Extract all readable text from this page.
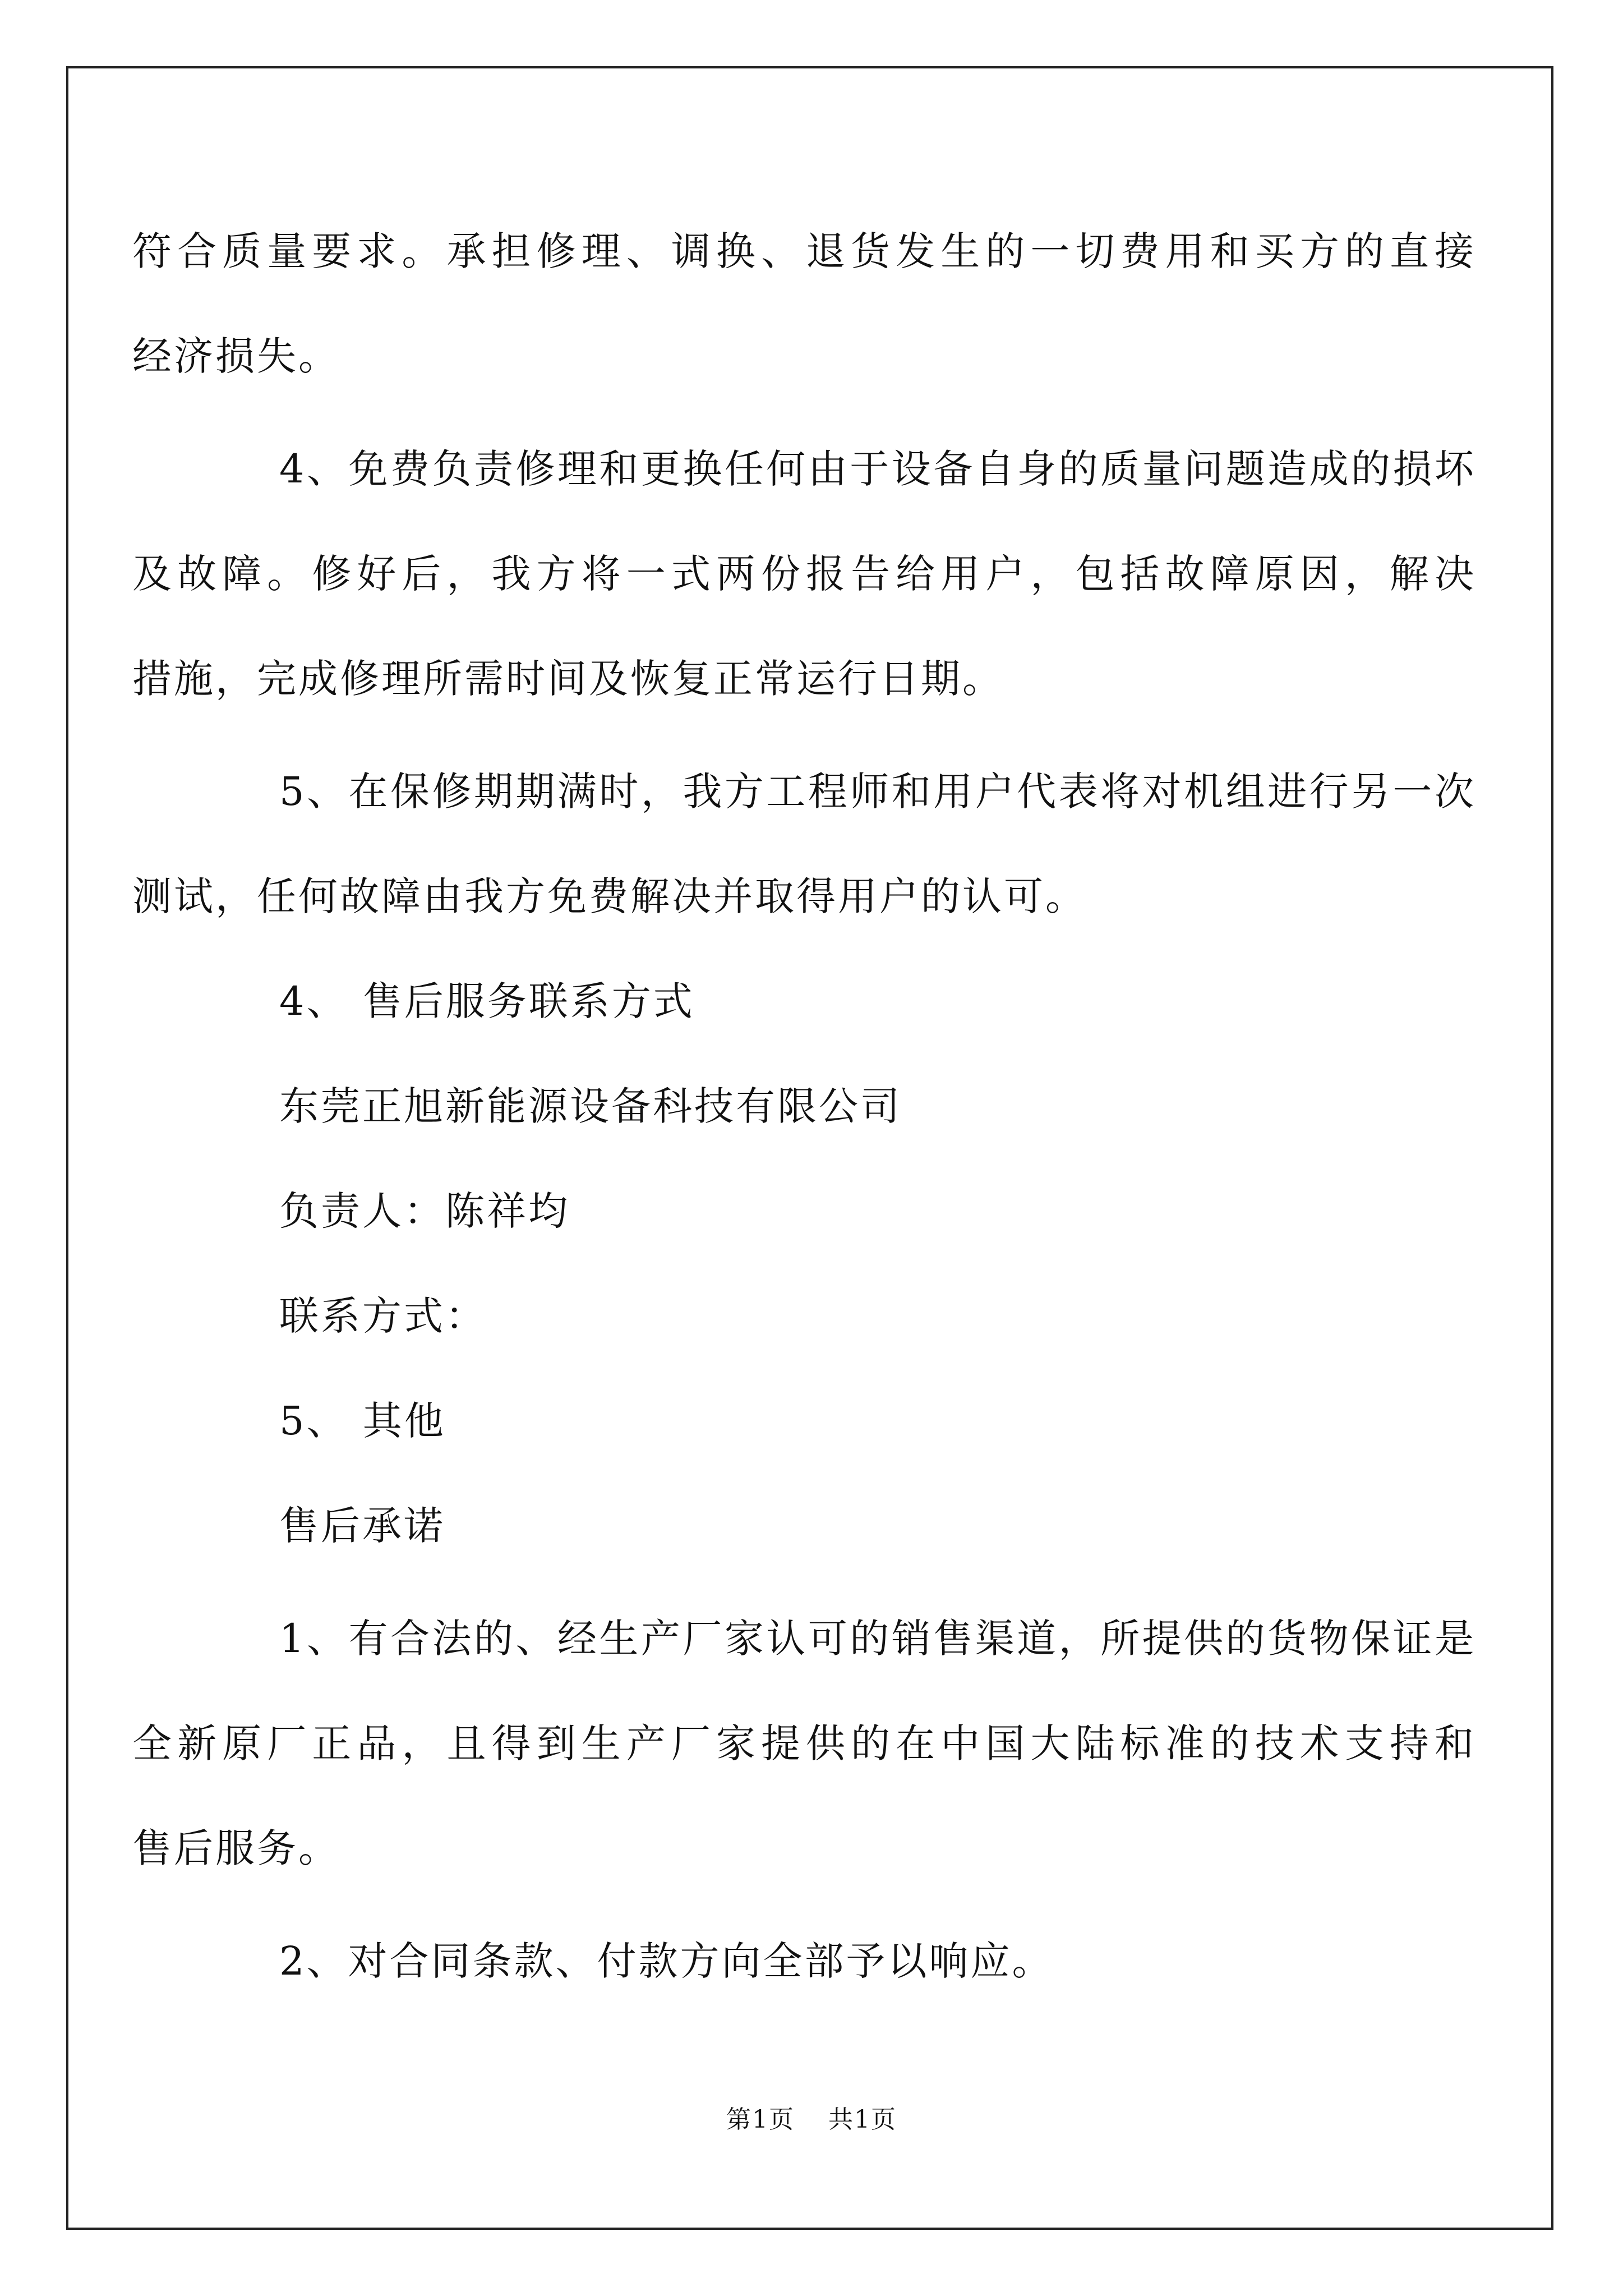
符合质量要求。承担修理、调换、退货发生的一切费用和买方的直接

经济损失。

4、免费负责修理和更换任何由于设备自身的质量问题造成的损坏

及故障。修好后，我方将一式两份报告给用户，包括故障原因，解决

措施，完成修理所需时间及恢复正常运行日期。

5、在保修期期满时，我方工程师和用户代表将对机组进行另一次

测试，任何故障由我方免费解决并取得用户的认可。

4、 售后服务联系方式

东莞正旭新能源设备科技有限公司

负责人：陈祥均

联系方式：

5、 其他

售后承诺

1、有合法的、经生产厂家认可的销售渠道，所提供的货物保证是

全新原厂正品，且得到生产厂家提供的在中国大陆标准的技术支持和

售后服务。

2、对合同条款、付款方向全部予以响应。

第1页 共1页
